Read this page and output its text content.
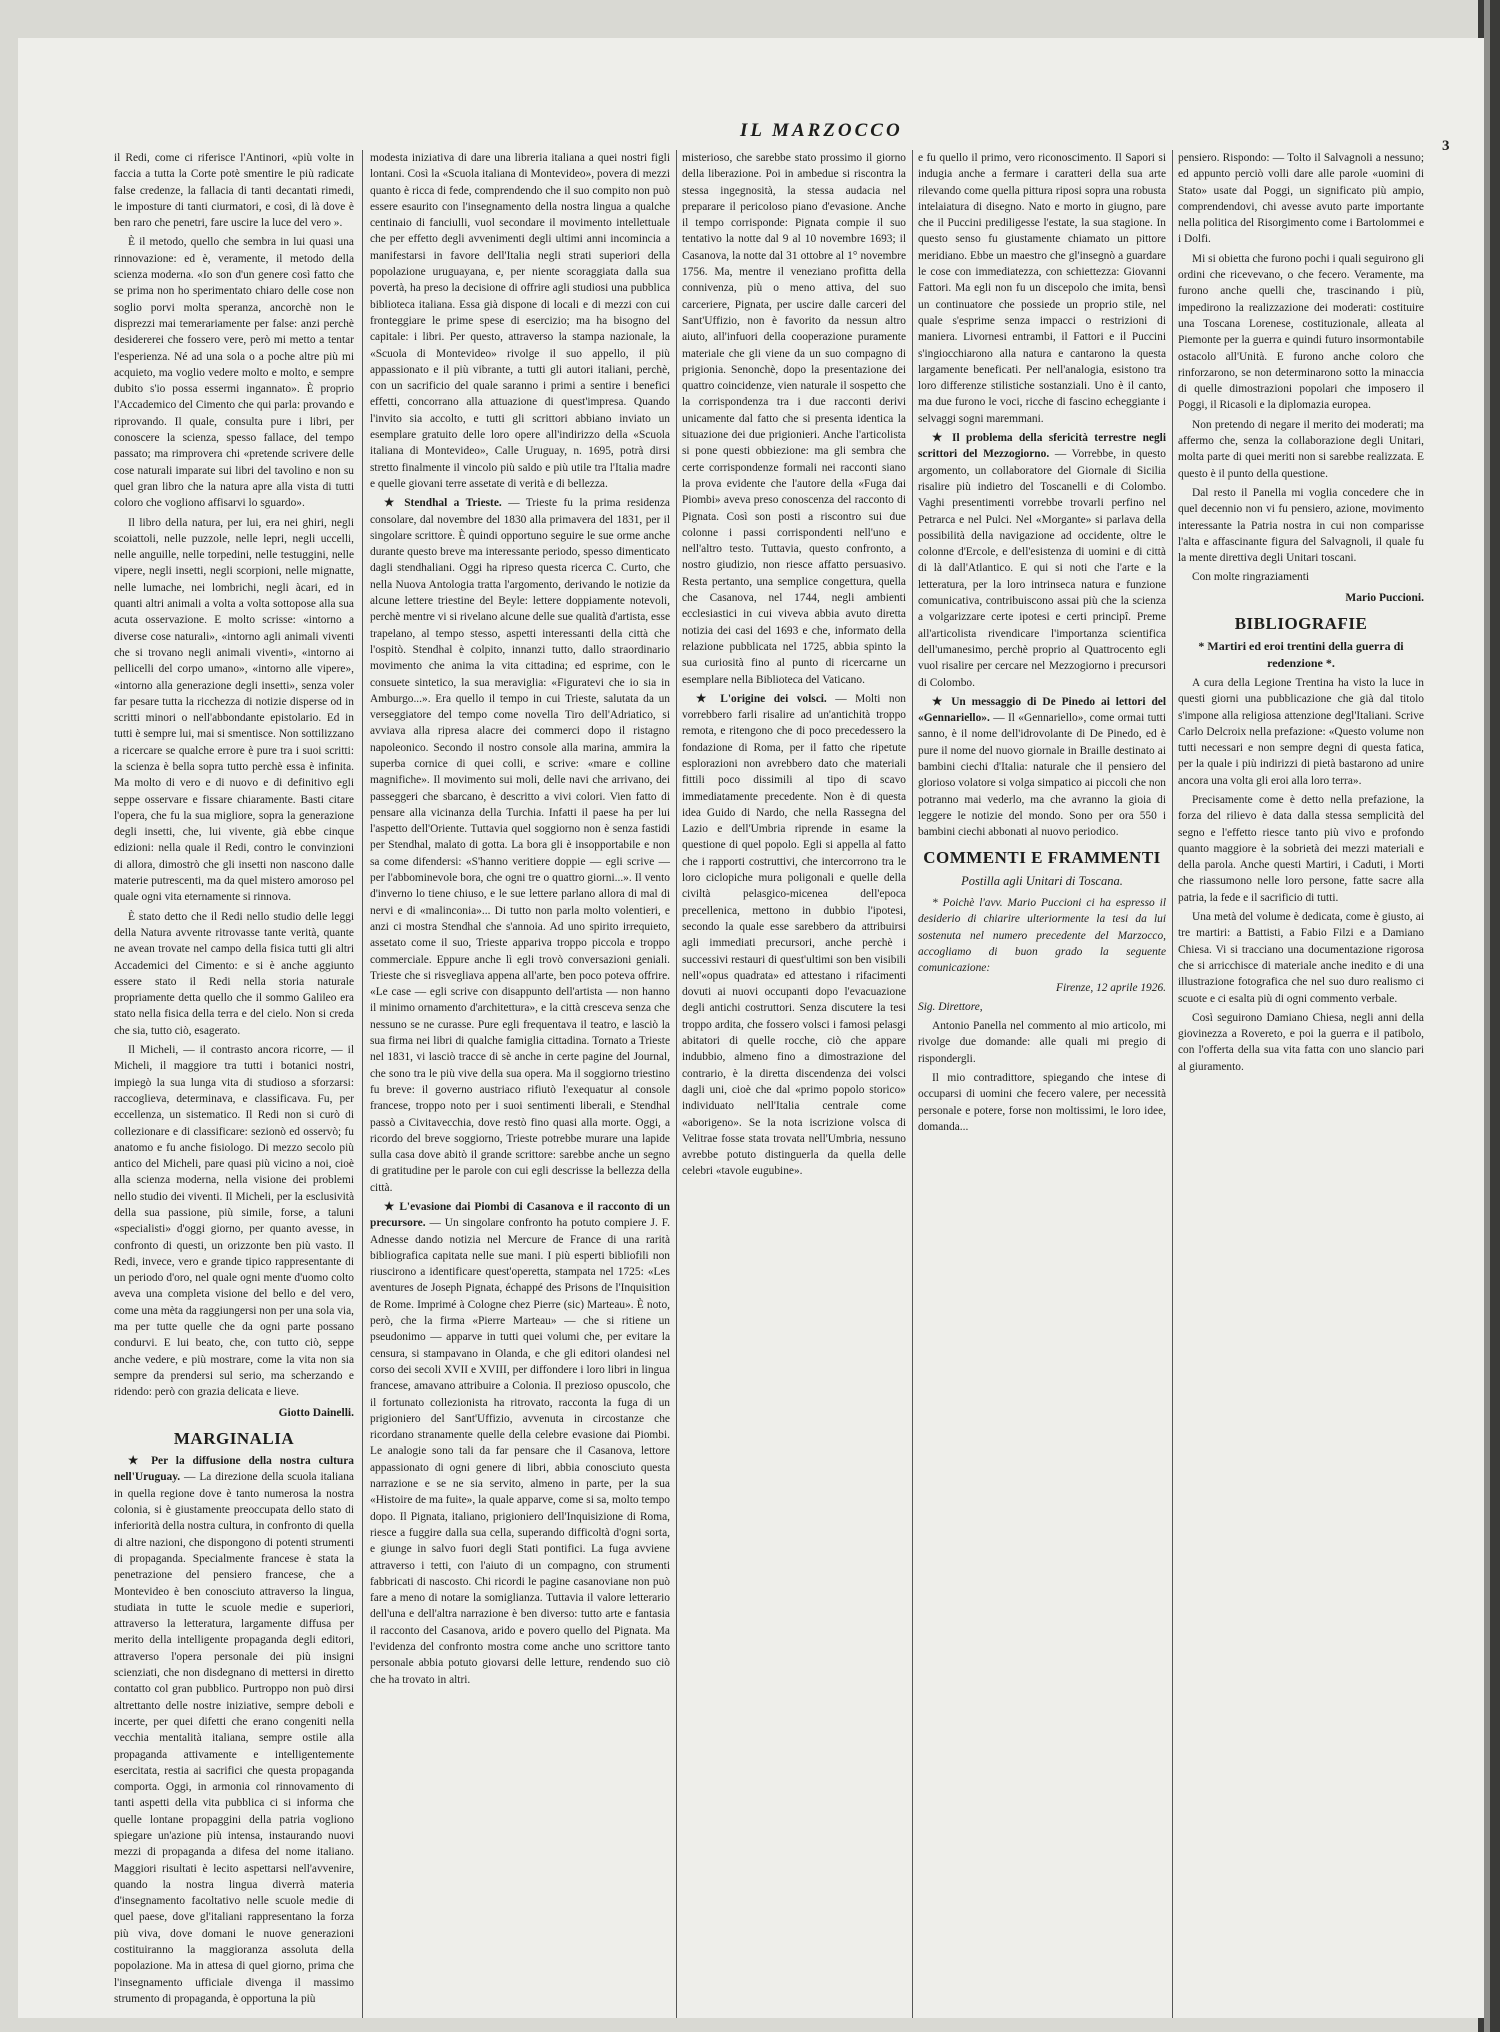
IL MARZOCCO
3

il Redi, come ci riferisce l'Antinori, «più volte in faccia a tutta la Corte potè smentire le più radicate false credenze, la fallacia di tanti decantati rimedi, le imposture di tanti ciurmatori, e così, di là dove è ben raro che penetri, fare uscire la luce del vero ».

È il metodo, quello che sembra in lui quasi una rinnovazione: ed è, veramente, il metodo della scienza moderna. «Io son d'un genere così fatto che se prima non ho sperimentato chiaro delle cose non soglio porvi molta speranza, ancorchè non le disprezzi mai temerariamente per false: anzi perchè desidererei che fossero vere, però mi metto a tentar l'esperienza. Né ad una sola o a poche altre più mi acquieto, ma voglio vedere molto e molto, e sempre dubito s'io possa essermi ingannato». È proprio l'Accademico del Cimento che qui parla: provando e riprovando. Il quale, consulta pure i libri, per conoscere la scienza, spesso fallace, del tempo passato; ma rimprovera chi «pretende scrivere delle cose naturali imparate sui libri del tavolino e non su quel gran libro che la natura apre alla vista di tutti coloro che vogliono affisarvi lo sguardo».

Il libro della natura, per lui, era nei ghiri, negli scoiattoli, nelle puzzole, nelle lepri, negli uccelli, nelle anguille, nelle torpedini, nelle testuggini, nelle vipere, negli insetti, negli scorpioni, nelle mignatte, nelle lumache, nei lombrichi, negli àcari, ed in quanti altri animali a volta a volta sottopose alla sua acuta osservazione. E molto scrisse: «intorno a diverse cose naturali», «intorno agli animali viventi che si trovano negli animali viventi», «intorno ai pellicelli del corpo umano», «intorno alle vipere», «intorno alla generazione degli insetti», senza voler far pesare tutta la ricchezza di notizie disperse od in scritti minori o nell'abbondante epistolario. Ed in tutti è sempre lui, mai si smentisce. Non sottilizzano a ricercare se qualche errore è pure tra i suoi scritti: la scienza è bella sopra tutto perchè essa è infinita. Ma molto di vero e di nuovo e di definitivo egli seppe osservare e fissare chiaramente. Basti citare l'opera, che fu la sua migliore, sopra la generazione degli insetti, che, lui vivente, già ebbe cinque edizioni: nella quale il Redi, contro le convinzioni di allora, dimostrò che gli insetti non nascono dalle materie putrescenti, ma da quel mistero amoroso pel quale ogni vita eternamente si rinnova.

È stato detto che il Redi nello studio delle leggi della Natura avvente ritrovasse tante verità, quante ne avean trovate nel campo della fisica tutti gli altri Accademici del Cimento: e si è anche aggiunto essere stato il Redi nella storia naturale propriamente detta quello che il sommo Galileo era stato nella fisica della terra e del cielo. Non si creda che sia, tutto ciò, esagerato.

Il Micheli, — il contrasto ancora ricorre, — il Micheli, il maggiore tra tutti i botanici nostri, impiegò la sua lunga vita di studioso a sforzarsi: raccoglieva, determinava, e classificava. Fu, per eccellenza, un sistematico. Il Redi non si curò di collezionare e di classificare: sezionò ed osservò; fu anatomo e fu anche fisiologo. Di mezzo secolo più antico del Micheli, pare quasi più vicino a noi, cioè alla scienza moderna, nella visione dei problemi nello studio dei viventi. Il Micheli, per la esclusività della sua passione, più simile, forse, a taluni «specialisti» d'oggi giorno, per quanto avesse, in confronto di questi, un orizzonte ben più vasto. Il Redi, invece, vero e grande tipico rappresentante di un periodo d'oro, nel quale ogni mente d'uomo colto aveva una completa visione del bello e del vero, come una mèta da raggiungersi non per una sola via, ma per tutte quelle che da ogni parte possano condurvi. E lui beato, che, con tutto ciò, seppe anche vedere, e più mostrare, come la vita non sia sempre da prendersi sul serio, ma scherzando e ridendo: però con grazia delicata e lieve.

Giotto Dainelli.
MARGINALIA

★ Per la diffusione della nostra cultura nell'Uruguay. — La direzione della scuola italiana in quella regione dove è tanto numerosa la nostra colonia, si è giustamente preoccupata dello stato di inferiorità della nostra cultura, in confronto di quella di altre nazioni, che dispongono di potenti strumenti di propaganda. Specialmente francese è stata la penetrazione del pensiero francese, che a Montevideo è ben conosciuto attraverso la lingua, studiata in tutte le scuole medie e superiori, attraverso la letteratura, largamente diffusa per merito della intelligente propaganda degli editori, attraverso l'opera personale dei più insigni scienziati, che non disdegnano di mettersi in diretto contatto col gran pubblico. Purtroppo non può dirsi altrettanto delle nostre iniziative, sempre deboli e incerte, per quei difetti che erano congeniti nella vecchia mentalità italiana, sempre ostile alla propaganda attivamente e intelligentemente esercitata, restia ai sacrifici che questa propaganda comporta. Oggi, in armonia col rinnovamento di tanti aspetti della vita pubblica ci si informa che quelle lontane propaggini della patria vogliono spiegare un'azione più intensa, instaurando nuovi mezzi di propaganda a difesa del nome italiano. Maggiori risultati è lecito aspettarsi nell'avvenire, quando la nostra lingua diverrà materia d'insegnamento facoltativo nelle scuole medie di quel paese, dove gl'italiani rappresentano la forza più viva, dove domani le nuove generazioni costituiranno la maggioranza assoluta della popolazione. Ma in attesa di quel giorno, prima che l'insegnamento ufficiale divenga il massimo strumento di propaganda, è opportuna la più

modesta iniziativa di dare una libreria italiana a quei nostri figli lontani. Così la «Scuola italiana di Montevideo», povera di mezzi quanto è ricca di fede, comprendendo che il suo compito non può essere esaurito con l'insegnamento della nostra lingua a qualche centinaio di fanciulli, vuol secondare il movimento intellettuale che per effetto degli avvenimenti degli ultimi anni incomincia a manifestarsi in favore dell'Italia negli strati superiori della popolazione uruguayana, e, per niente scoraggiata dalla sua povertà, ha preso la decisione di offrire agli studiosi una pubblica biblioteca italiana. Essa già dispone di locali e di mezzi con cui fronteggiare le prime spese di esercizio; ma ha bisogno del capitale: i libri. Per questo, attraverso la stampa nazionale, la «Scuola di Montevideo» rivolge il suo appello, il più appassionato e il più vibrante, a tutti gli autori italiani, perchè, con un sacrificio del quale saranno i primi a sentire i benefici effetti, concorrano alla attuazione di quest'impresa. Quando l'invito sia accolto, e tutti gli scrittori abbiano inviato un esemplare gratuito delle loro opere all'indirizzo della «Scuola italiana di Montevideo», Calle Uruguay, n. 1695, potrà dirsi stretto finalmente il vincolo più saldo e più utile tra l'Italia madre e quelle giovani terre assetate di verità e di bellezza.

★ Stendhal a Trieste. — Trieste fu la prima residenza consolare, dal novembre del 1830 alla primavera del 1831, per il singolare scrittore. È quindi opportuno seguire le sue orme anche durante questo breve ma interessante periodo, spesso dimenticato dagli stendhaliani. Oggi ha ripreso questa ricerca C. Curto, che nella Nuova Antologia tratta l'argomento, derivando le notizie da alcune lettere triestine del Beyle: lettere doppiamente notevoli, perchè mentre vi si rivelano alcune delle sue qualità d'artista, esse trapelano, al tempo stesso, aspetti interessanti della città che l'ospitò. Stendhal è colpito, innanzi tutto, dallo straordinario movimento che anima la vita cittadina; ed esprime, con le consuete sintetico, la sua meraviglia: «Figuratevi che io sia in Amburgo...». Era quello il tempo in cui Trieste, salutata da un verseggiatore del tempo come novella Tiro dell'Adriatico, si avviava alla ripresa alacre dei commerci dopo il ristagno napoleonico. Secondo il nostro console alla marina, ammira la superba cornice di quei colli, e scrive: «mare e colline magnifiche». Il movimento sui moli, delle navi che arrivano, dei passeggeri che sbarcano, è descritto a vivi colori. Vien fatto di pensare alla vicinanza della Turchia. Infatti il paese ha per lui l'aspetto dell'Oriente. Tuttavia quel soggiorno non è senza fastidi per Stendhal, malato di gotta. La bora gli è insopportabile e non sa come difendersi: «S'hanno veritiere doppie — egli scrive — per l'abbominevole bora, che ogni tre o quattro giorni...». Il vento d'inverno lo tiene chiuso, e le sue lettere parlano allora di mal di nervi e di «malinconia»... Di tutto non parla molto volentieri, e anzi ci mostra Stendhal che s'annoia. Ad uno spirito irrequieto, assetato come il suo, Trieste appariva troppo piccola e troppo commerciale. Eppure anche lì egli trovò conversazioni geniali. Trieste che si risvegliava appena all'arte, ben poco poteva offrire. «Le case — egli scrive con disappunto dell'artista — non hanno il minimo ornamento d'architettura», e la città cresceva senza che nessuno se ne curasse. Pure egli frequentava il teatro, e lasciò la sua firma nei libri di qualche famiglia cittadina. Tornato a Trieste nel 1831, vi lasciò tracce di sè anche in certe pagine del Journal, che sono tra le più vive della sua opera. Ma il soggiorno triestino fu breve: il governo austriaco rifiutò l'exequatur al console francese, troppo noto per i suoi sentimenti liberali, e Stendhal passò a Civitavecchia, dove restò fino quasi alla morte. Oggi, a ricordo del breve soggiorno, Trieste potrebbe murare una lapide sulla casa dove abitò il grande scrittore: sarebbe anche un segno di gratitudine per le parole con cui egli descrisse la bellezza della città.

★ L'evasione dai Piombi di Casanova e il racconto di un precursore. — Un singolare confronto ha potuto compiere J. F. Adnesse dando notizia nel Mercure de France di una rarità bibliografica capitata nelle sue mani. I più esperti bibliofili non riuscirono a identificare quest'operetta, stampata nel 1725: «Les aventures de Joseph Pignata, échappé des Prisons de l'Inquisition de Rome. Imprimé à Cologne chez Pierre (sic) Marteau». È noto, però, che la firma «Pierre Marteau» — che si ritiene un pseudonimo — apparve in tutti quei volumi che, per evitare la censura, si stampavano in Olanda, e che gli editori olandesi nel corso dei secoli XVII e XVIII, per diffondere i loro libri in lingua francese, amavano attribuire a Colonia. Il prezioso opuscolo, che il fortunato collezionista ha ritrovato, racconta la fuga di un prigioniero del Sant'Uffizio, avvenuta in circostanze che ricordano stranamente quelle della celebre evasione dai Piombi. Le analogie sono tali da far pensare che il Casanova, lettore appassionato di ogni genere di libri, abbia conosciuto questa narrazione e se ne sia servito, almeno in parte, per la sua «Histoire de ma fuite», la quale apparve, come si sa, molto tempo dopo. Il Pignata, italiano, prigioniero dell'Inquisizione di Roma, riesce a fuggire dalla sua cella, superando difficoltà d'ogni sorta, e giunge in salvo fuori degli Stati pontifici. La fuga avviene attraverso i tetti, con l'aiuto di un compagno, con strumenti fabbricati di nascosto. Chi ricordi le pagine casanoviane non può fare a meno di notare la somiglianza. Tuttavia il valore letterario dell'una e dell'altra narrazione è ben diverso: tutto arte e fantasia il racconto del Casanova, arido e povero quello del Pignata. Ma l'evidenza del confronto mostra come anche uno scrittore tanto personale abbia potuto giovarsi delle letture, rendendo suo ciò che ha trovato in altri.

misterioso, che sarebbe stato prossimo il giorno della liberazione. Poi in ambedue si riscontra la stessa ingegnosità, la stessa audacia nel preparare il pericoloso piano d'evasione. Anche il tempo corrisponde: Pignata compie il suo tentativo la notte dal 9 al 10 novembre 1693; il Casanova, la notte dal 31 ottobre al 1° novembre 1756. Ma, mentre il veneziano profitta della connivenza, più o meno attiva, del suo carceriere, Pignata, per uscire dalle carceri del Sant'Uffizio, non è favorito da nessun altro aiuto, all'infuori della cooperazione puramente materiale che gli viene da un suo compagno di prigionia. Senonchè, dopo la presentazione dei quattro coincidenze, vien naturale il sospetto che la corrispondenza tra i due racconti derivi unicamente dal fatto che si presenta identica la situazione dei due prigionieri. Anche l'articolista si pone questi obbiezione: ma gli sembra che certe corrispondenze formali nei racconti siano la prova evidente che l'autore della «Fuga dai Piombi» aveva preso conoscenza del racconto di Pignata. Così son posti a riscontro sui due colonne i passi corrispondenti nell'uno e nell'altro testo. Tuttavia, questo confronto, a nostro giudizio, non riesce affatto persuasivo. Resta pertanto, una semplice congettura, quella che Casanova, nel 1744, negli ambienti ecclesiastici in cui viveva abbia avuto diretta notizia dei casi del 1693 e che, informato della relazione pubblicata nel 1725, abbia spinto la sua curiosità fino al punto di ricercarne un esemplare nella Biblioteca del Vaticano.

★ L'origine dei volsci. — Molti non vorrebbero farli risalire ad un'antichità troppo remota, e ritengono che di poco precedessero la fondazione di Roma, per il fatto che ripetute esplorazioni non avrebbero dato che materiali fittili poco dissimili al tipo di scavo immediatamente precedente. Non è di questa idea Guido di Nardo, che nella Rassegna del Lazio e dell'Umbria riprende in esame la questione di quel popolo. Egli si appella al fatto che i rapporti costruttivi, che intercorrono tra le loro ciclopiche mura poligonali e quelle della civiltà pelasgico-micenea dell'epoca precellenica, mettono in dubbio l'ipotesi, secondo la quale esse sarebbero da attribuirsi agli immediati precursori, anche perchè i successivi restauri di quest'ultimi son ben visibili nell'«opus quadrata» ed attestano i rifacimenti dovuti ai nuovi occupanti dopo l'evacuazione degli antichi costruttori. Senza discutere la tesi troppo ardita, che fossero volsci i famosi pelasgi abitatori di quelle rocche, ciò che appare indubbio, almeno fino a dimostrazione del contrario, è la diretta discendenza dei volsci dagli uni, cioè che dal «primo popolo storico» individuato nell'Italia centrale come «aborigeno». Se la nota iscrizione volsca di Velitrae fosse stata trovata nell'Umbria, nessuno avrebbe potuto distinguerla da quella delle celebri «tavole eugubine».

e fu quello il primo, vero riconoscimento. Il Sapori si indugia anche a fermare i caratteri della sua arte rilevando come quella pittura riposi sopra una robusta intelaiatura di disegno. Nato e morto in giugno, pare che il Puccini prediligesse l'estate, la sua stagione. In questo senso fu giustamente chiamato un pittore meridiano. Ebbe un maestro che gl'insegnò a guardare le cose con immediatezza, con schiettezza: Giovanni Fattori. Ma egli non fu un discepolo che imita, bensì un continuatore che possiede un proprio stile, nel quale s'esprime senza impacci o restrizioni di maniera. Livornesi entrambi, il Fattori e il Puccini s'ingiocchiarono alla natura e cantarono la questa largamente beneficati. Per nell'analogia, esistono tra loro differenze stilistiche sostanziali. Uno è il canto, ma due furono le voci, ricche di fascino echeggiante i selvaggi sogni maremmani.

★ Il problema della sfericità terrestre negli scrittori del Mezzogiorno. — Vorrebbe, in questo argomento, un collaboratore del Giornale di Sicilia risalire più indietro del Toscanelli e di Colombo. Vaghi presentimenti vorrebbe trovarli perfino nel Petrarca e nel Pulci. Nel «Morgante» si parlava della possibilità della navigazione ad occidente, oltre le colonne d'Ercole, e dell'esistenza di uomini e di città di là dall'Atlantico. E qui si noti che l'arte e la letteratura, per la loro intrinseca natura e funzione comunicativa, contribuiscono assai più che la scienza a volgarizzare certe ipotesi e certi principî. Preme all'articolista rivendicare l'importanza scientifica dell'umanesimo, perchè proprio al Quattrocento egli vuol risalire per cercare nel Mezzogiorno i precursori di Colombo.

★ Un messaggio di De Pinedo ai lettori del «Gennariello». — Il «Gennariello», come ormai tutti sanno, è il nome dell'idrovolante di De Pinedo, ed è pure il nome del nuovo giornale in Braille destinato ai bambini ciechi d'Italia: naturale che il pensiero del glorioso volatore si volga simpatico ai piccoli che non potranno mai vederlo, ma che avranno la gioia di leggere le notizie del mondo. Sono per ora 550 i bambini ciechi abbonati al nuovo periodico.

COMMENTI E FRAMMENTI
Postilla agli Unitari di Toscana.

* Poichè l'avv. Mario Puccioni ci ha espresso il desiderio di chiarire ulteriormente la tesi da lui sostenuta nel numero precedente del Marzocco, accogliamo di buon grado la seguente comunicazione:

Firenze, 12 aprile 1926.

Sig. Direttore,

Antonio Panella nel commento al mio articolo, mi rivolge due domande: alle quali mi pregio di rispondergli.

Il mio contradittore, spiegando che intese di occuparsi di uomini che fecero valere, per necessità personale e potere, forse non moltissimi, le loro idee, domanda...

pensiero. Rispondo: — Tolto il Salvagnoli a nessuno; ed appunto perciò volli dare alle parole «uomini di Stato» usate dal Poggi, un significato più ampio, comprendendovi, chi avesse avuto parte importante nella politica del Risorgimento come i Bartolommei e i Dolfi.

Mi si obietta che furono pochi i quali seguirono gli ordini che ricevevano, o che fecero. Veramente, ma furono anche quelli che, trascinando i più, impedirono la realizzazione dei moderati: costituire una Toscana Lorenese, costituzionale, alleata al Piemonte per la guerra e quindi futuro insormontabile ostacolo all'Unità. E furono anche coloro che rinforzarono, se non determinarono sotto la minaccia di quelle dimostrazioni popolari che imposero il Poggi, il Ricasoli e la diplomazia europea.

Non pretendo di negare il merito dei moderati; ma affermo che, senza la collaborazione degli Unitari, molta parte di quei meriti non si sarebbe realizzata. E questo è il punto della questione.

Dal resto il Panella mi voglia concedere che in quel decennio non vi fu pensiero, azione, movimento interessante la Patria nostra in cui non comparisse l'alta e affascinante figura del Salvagnoli, il quale fu la mente direttiva degli Unitari toscani.

Con molte ringraziamenti

Mario Puccioni.
BIBLIOGRAFIE
* Martiri ed eroi trentini della guerra di redenzione *.

A cura della Legione Trentina ha visto la luce in questi giorni una pubblicazione che già dal titolo s'impone alla religiosa attenzione degl'Italiani. Scrive Carlo Delcroix nella prefazione: «Questo volume non tutti necessari e non sempre degni di questa fatica, per la quale i più indirizzi di pietà bastarono ad unire ancora una volta gli eroi alla loro terra».

Precisamente come è detto nella prefazione, la forza del rilievo è data dalla stessa semplicità del segno e l'effetto riesce tanto più vivo e profondo quanto maggiore è la sobrietà dei mezzi materiali e della parola. Anche questi Martiri, i Caduti, i Morti che riassumono nelle loro persone, fatte sacre alla patria, la fede e il sacrificio di tutti.

Una metà del volume è dedicata, come è giusto, ai tre martiri: a Battisti, a Fabio Filzi e a Damiano Chiesa. Vi si tracciano una documentazione rigorosa che si arricchisce di materiale anche inedito e di una illustrazione fotografica che nel suo duro realismo ci scuote e ci esalta più di ogni commento verbale.

Così seguirono Damiano Chiesa, negli anni della giovinezza a Rovereto, e poi la guerra e il patibolo, con l'offerta della sua vita fatta con uno slancio pari al giuramento.
